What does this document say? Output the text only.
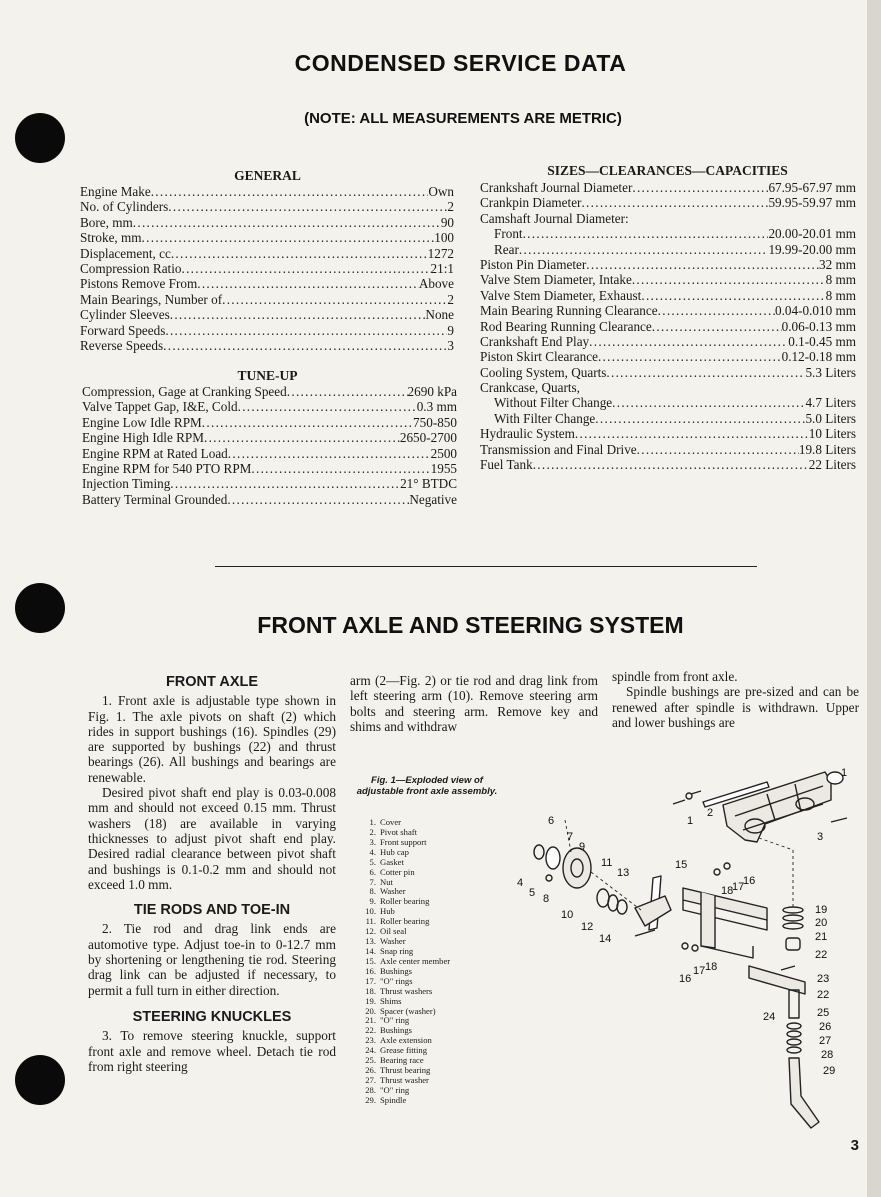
CONDENSED SERVICE DATA
(NOTE: ALL MEASUREMENTS ARE METRIC)
GENERAL
Engine Make .....	Own
No. of Cylinders .....	2
Bore, mm .....	90
Stroke, mm .....	100
Displacement, cc .....	1272
Compression Ratio .....	21:1
Pistons Remove From .....	Above
Main Bearings, Number of .....	2
Cylinder Sleeves .....	None
Forward Speeds .....	9
Reverse Speeds .....	3
TUNE-UP
Compression, Gage at Cranking Speed .....	2690 kPa
Valve Tappet Gap, I&E, Cold .....	0.3 mm
Engine Low Idle RPM .....	750-850
Engine High Idle RPM .....	2650-2700
Engine RPM at Rated Load .....	2500
Engine RPM for 540 PTO RPM .....	1955
Injection Timing .....	21° BTDC
Battery Terminal Grounded .....	Negative
SIZES—CLEARANCES—CAPACITIES
Crankshaft Journal Diameter .....	67.95-67.97 mm
Crankpin Diameter .....	59.95-59.97 mm
Camshaft Journal Diameter:
Front .....	20.00-20.01 mm
Rear .....	19.99-20.00 mm
Piston Pin Diameter .....	32 mm
Valve Stem Diameter, Intake .....	8 mm
Valve Stem Diameter, Exhaust .....	8 mm
Main Bearing Running Clearance .....	0.04-0.010 mm
Rod Bearing Running Clearance .....	0.06-0.13 mm
Crankshaft End Play .....	0.1-0.45 mm
Piston Skirt Clearance .....	0.12-0.18 mm
Cooling System, Quarts .....	5.3 Liters
Crankcase, Quarts,
Without Filter Change .....	4.7 Liters
With Filter Change .....	5.0 Liters
Hydraulic System .....	10 Liters
Transmission and Final Drive .....	19.8 Liters
Fuel Tank .....	22 Liters
FRONT AXLE AND STEERING SYSTEM
FRONT AXLE

1. Front axle is adjustable type shown in Fig. 1. The axle pivots on shaft (2) which rides in support bushings (16). Spindles (29) are supported by bushings (22) and thrust bearings (26). All bushings and bearings are renewable.

Desired pivot shaft end play is 0.03-0.008 mm and should not exceed 0.15 mm. Thrust washers (18) are available in varying thicknesses to adjust pivot shaft end play. Desired radial clearance between pivot shaft and bushings is 0.1-0.2 mm and should not exceed 1.0 mm.

TIE RODS AND TOE-IN

2. Tie rod and drag link ends are automotive type. Adjust toe-in to 0-12.7 mm by shortening or lengthening tie rod. Steering drag link can be adjusted if necessary, to permit a full turn in either direction.

STEERING KNUCKLES

3. To remove steering knuckle, support front axle and remove wheel. Detach tie rod from right steering

arm (2—Fig. 2) or tie rod and drag link from left steering arm (10). Remove steering arm bolts and steering arm. Remove key and shims and withdraw

spindle from front axle.

Spindle bushings are pre-sized and can be renewed after spindle is withdrawn. Upper and lower bushings are

Fig. 1—Exploded view of adjustable front axle assembly.
1. Cover
2. Pivot shaft
3. Front support
4. Hub cap
5. Gasket
6. Cotter pin
7. Nut
8. Washer
9. Roller bearing
10. Hub
11. Roller bearing
12. Oil seal
13. Washer
14. Snap ring
15. Axle center member
16. Bushings
17. "O" rings
18. Thrust washers
19. Shims
20. Spacer (washer)
21. "O" ring
22. Bushings
23. Axle extension
24. Grease fitting
25. Bearing race
26. Thrust bearing
27. Thrust washer
28. "O" ring
29. Spindle
1
2
3
1
6
7
9
4
5 8
11
13
10
12
14
15
18
17
16
16
17 18
19
20
21
22
23
22
24	25
26
27
28
29
3
